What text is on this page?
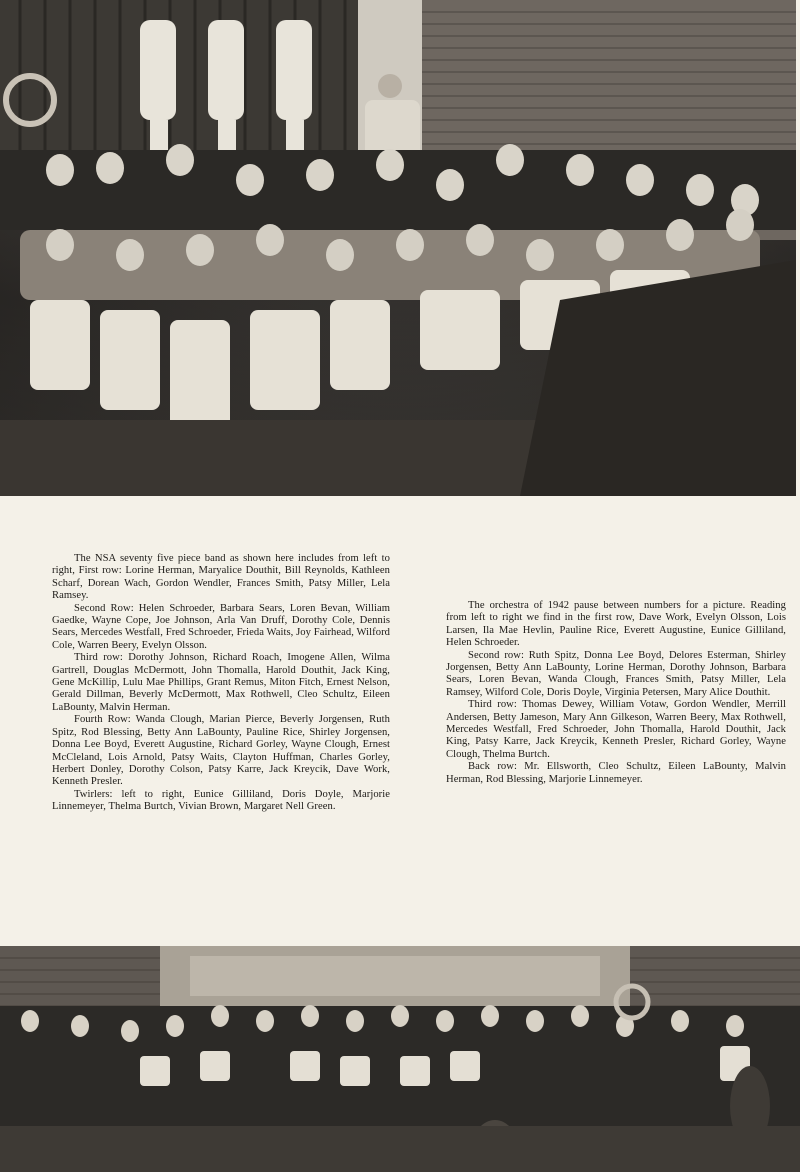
The NSA seventy five piece band as shown here includes from left to right, First row: Lorine Herman, Maryalice Douthit, Bill Reynolds, Kathleen Scharf, Dorean Wach, Gordon Wendler, Frances Smith, Patsy Miller, Lela Ramsey.

Second Row: Helen Schroeder, Barbara Sears, Loren Bevan, William Gaedke, Wayne Cope, Joe Johnson, Arla Van Druff, Dorothy Cole, Dennis Sears, Mercedes Westfall, Fred Schroeder, Frieda Waits, Joy Fairhead, Wilford Cole, Warren Beery, Evelyn Olsson.

Third row: Dorothy Johnson, Richard Roach, Imogene Allen, Wilma Gartrell, Douglas McDermott, John Thomalla, Harold Douthit, Jack King, Gene McKillip, Lulu Mae Phillips, Grant Remus, Miton Fitch, Ernest Nelson, Gerald Dillman, Beverly McDermott, Max Rothwell, Cleo Schultz, Eileen LaBounty, Malvin Herman.

Fourth Row: Wanda Clough, Marian Pierce, Beverly Jorgensen, Ruth Spitz, Rod Blessing, Betty Ann LaBounty, Pauline Rice, Shirley Jorgensen, Donna Lee Boyd, Everett Augustine, Richard Gorley, Wayne Clough, Ernest McCleland, Lois Arnold, Patsy Waits, Clayton Huffman, Charles Gorley, Herbert Donley, Dorothy Colson, Patsy Karre, Jack Kreycik, Dave Work, Kenneth Presler.

Twirlers: left to right, Eunice Gilliland, Doris Doyle, Marjorie Linnemeyer, Thelma Burtch, Vivian Brown, Margaret Nell Green.

The orchestra of 1942 pause between numbers for a picture. Reading from left to right we find in the first row, Dave Work, Evelyn Olsson, Lois Larsen, Ila Mae Hevlin, Pauline Rice, Everett Augustine, Eunice Gilliland, Helen Schroeder.

Second row: Ruth Spitz, Donna Lee Boyd, Delores Esterman, Shirley Jorgensen, Betty Ann LaBounty, Lorine Herman, Dorothy Johnson, Barbara Sears, Loren Bevan, Wanda Clough, Frances Smith, Patsy Miller, Lela Ramsey, Wilford Cole, Doris Doyle, Virginia Petersen, Mary Alice Douthit.

Third row: Thomas Dewey, William Votaw, Gordon Wendler, Merrill Andersen, Betty Jameson, Mary Ann Gilkeson, Warren Beery, Max Rothwell, Mercedes Westfall, Fred Schroeder, John Thomalla, Harold Douthit, Jack King, Patsy Karre, Jack Kreycik, Kenneth Presler, Richard Gorley, Wayne Clough, Thelma Burtch.

Back row: Mr. Ellsworth, Cleo Schultz, Eileen LaBounty, Malvin Herman, Rod Blessing, Marjorie Linnemeyer.
